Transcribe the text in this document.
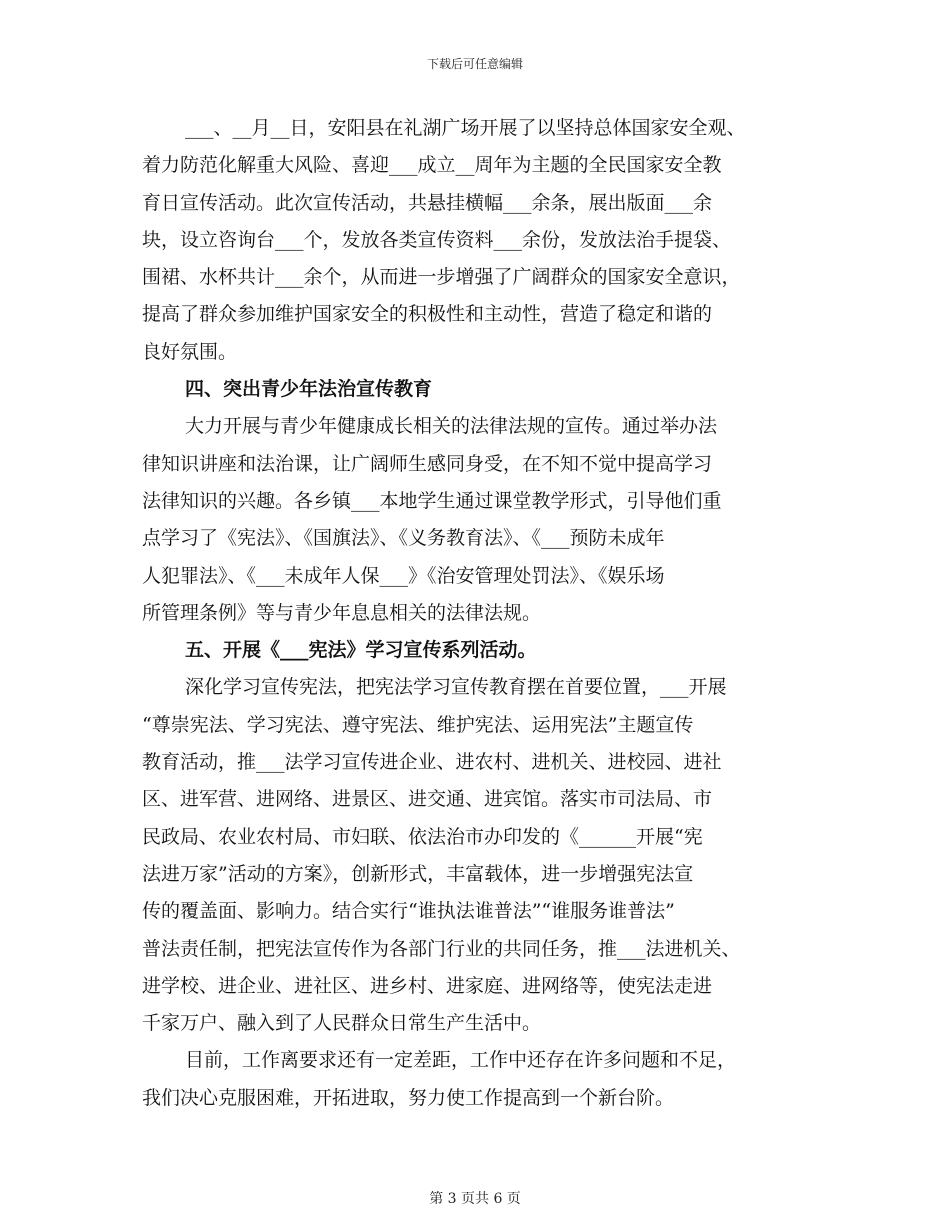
下载后可任意编辑
___、__月__日，安阳县在礼湖广场开展了以坚持总体国家安全观、
着力防范化解重大风险、喜迎___成立__周年为主题的全民国家安全教
育日宣传活动。此次宣传活动，共悬挂横幅___余条，展出版面___余
块，设立咨询台___个，发放各类宣传资料___余份，发放法治手提袋、
围裙、水杯共计___余个，从而进一步增强了广阔群众的国家安全意识，
提高了群众参加维护国家安全的积极性和主动性，营造了稳定和谐的
良好氛围。
四、突出青少年法治宣传教育
大力开展与青少年健康成长相关的法律法规的宣传。通过举办法
律知识讲座和法治课，让广阔师生感同身受，在不知不觉中提高学习
法律知识的兴趣。各乡镇___本地学生通过课堂教学形式，引导他们重
点学习了《宪法》、《国旗法》、《义务教育法》、《___预防未成年
人犯罪法》、《___未成年人保___》《治安管理处罚法》、《娱乐场
所管理条例》等与青少年息息相关的法律法规。
五、开展《___宪法》学习宣传系列活动。
深化学习宣传宪法，把宪法学习宣传教育摆在首要位置，___开展
“尊崇宪法、学习宪法、遵守宪法、维护宪法、运用宪法”主题宣传
教育活动，推___法学习宣传进企业、进农村、进机关、进校园、进社
区、进军营、进网络、进景区、进交通、进宾馆。落实市司法局、市
民政局、农业农村局、市妇联、依法治市办印发的《______开展“宪
法进万家”活动的方案》，创新形式，丰富载体，进一步增强宪法宣
传的覆盖面、影响力。结合实行“谁执法谁普法”“谁服务谁普法”
普法责任制，把宪法宣传作为各部门行业的共同任务，推___法进机关、
进学校、进企业、进社区、进乡村、进家庭、进网络等，使宪法走进
千家万户、融入到了人民群众日常生产生活中。
目前，工作离要求还有一定差距，工作中还存在许多问题和不足，
我们决心克服困难，开拓进取，努力使工作提高到一个新台阶。
第 3 页共 6 页
